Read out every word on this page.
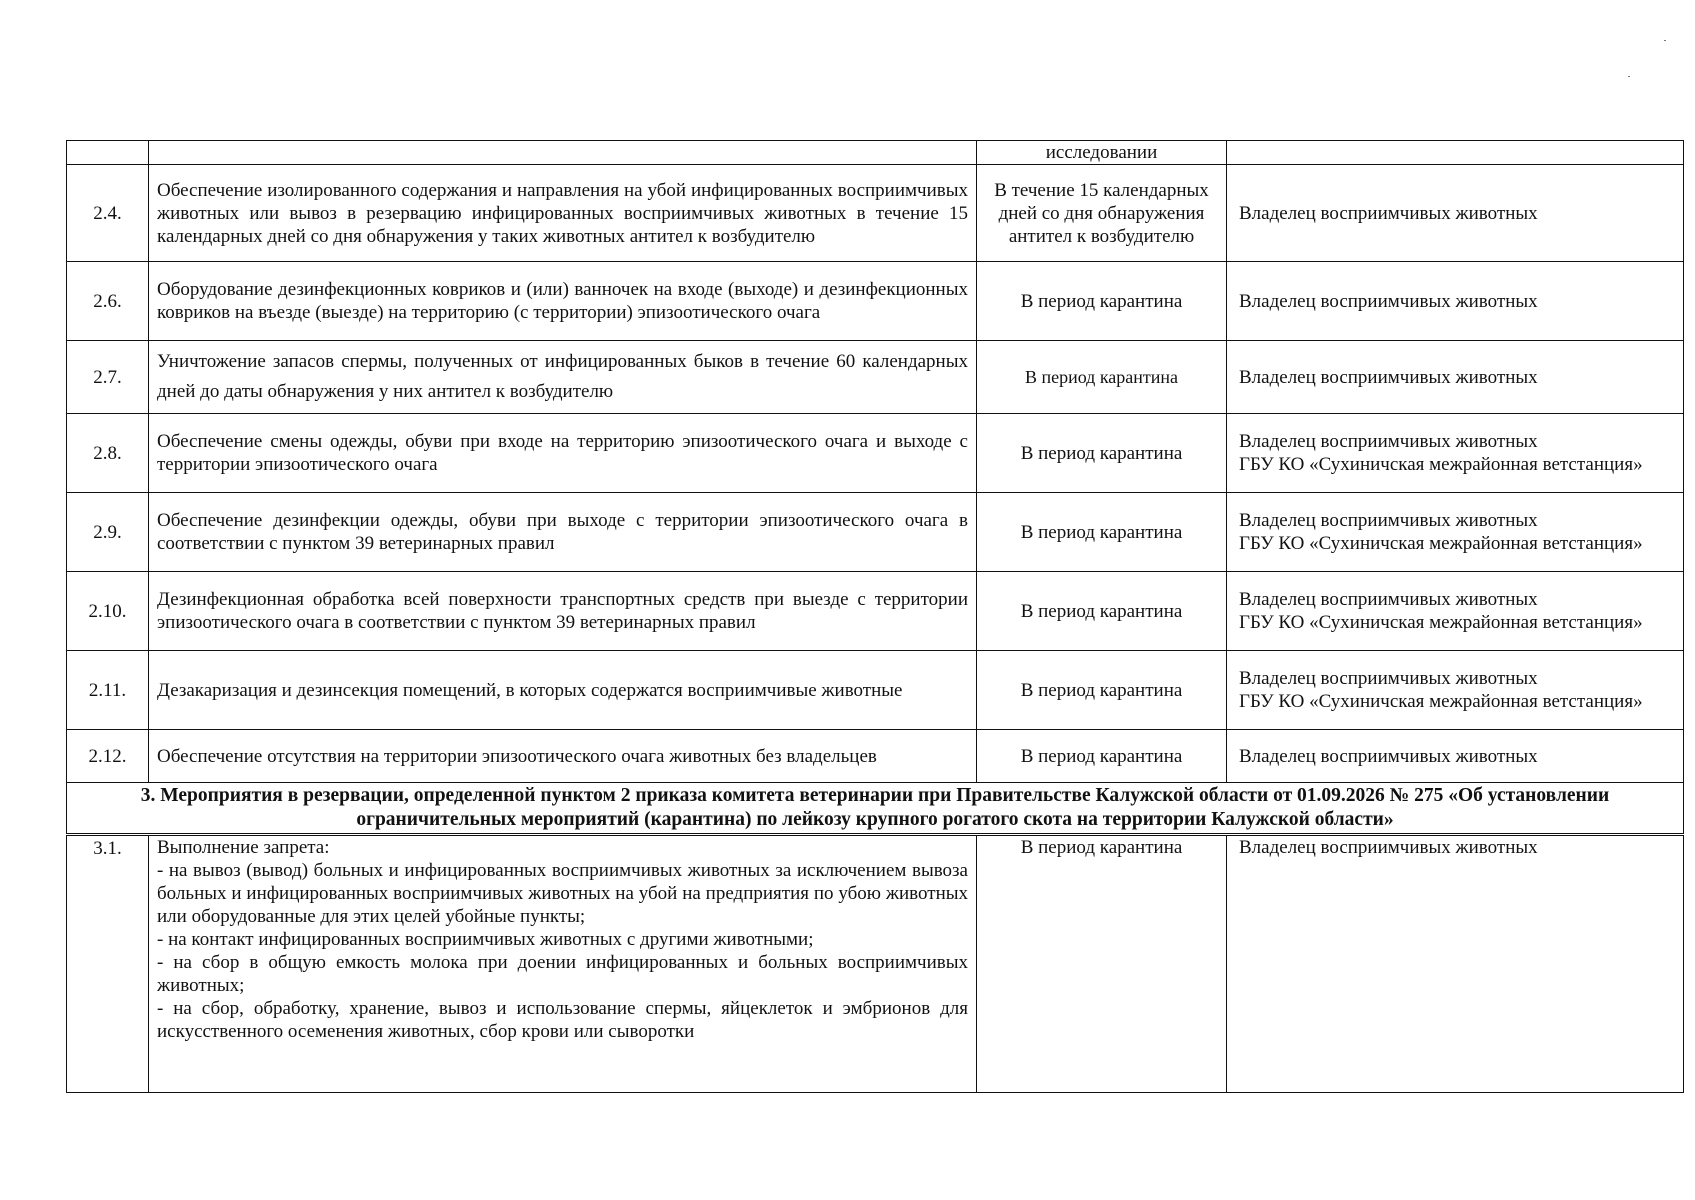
		исследовании	
2.4.	Обеспечение изолированного содержания и направления на убой инфицированных восприимчивых животных или вывоз в резервацию инфицированных восприимчивых животных в течение 15 календарных дней со дня обнаружения у таких животных антител к возбудителю	В течение 15 календарных дней со дня обнаружения антител к возбудителю	Владелец восприимчивых животных

2.6.	Оборудование дезинфекционных ковриков и (или) ванночек на входе (выходе) и дезинфекционных ковриков на въезде (выезде) на территорию (с территории) эпизоотического очага	В период карантина	Владелец восприимчивых животных

2.7.	Уничтожение запасов спермы, полученных от инфицированных быков в течение 60 календарных дней до даты обнаружения у них антител к возбудителю	В период карантина	Владелец восприимчивых животных

2.8.	Обеспечение смены одежды, обуви при входе на территорию эпизоотического очага и выходе с территории эпизоотического очага	В период карантина	Владелец восприимчивых животных
ГБУ КО «Сухиничская межрайонная ветстанция»

2.9.	Обеспечение дезинфекции одежды, обуви при выходе с территории эпизоотического очага в соответствии с пунктом 39 ветеринарных правил	В период карантина	Владелец восприимчивых животных
ГБУ КО «Сухиничская межрайонная ветстанция»

2.10.	Дезинфекционная обработка всей поверхности транспортных средств при выезде с территории эпизоотического очага в соответствии с пунктом 39 ветеринарных правил	В период карантина	Владелец восприимчивых животных
ГБУ КО «Сухиничская межрайонная ветстанция»

2.11.	Дезакаризация и дезинсекция помещений, в которых содержатся восприимчивые животные	В период карантина	Владелец восприимчивых животных
ГБУ КО «Сухиничская межрайонная ветстанция»

2.12.	Обеспечение отсутствия на территории эпизоотического очага животных без владельцев	В период карантина	Владелец восприимчивых животных

3. Мероприятия в резервации, определенной пунктом 2 приказа комитета ветеринарии при Правительстве Калужской области от 01.09.2026 № 275 «Об установлении ограничительных мероприятий (карантина) по лейкозу крупного рогатого скота на территории Калужской области»			
3.1.	Выполнение запрета:
- на вывоз (вывод) больных и инфицированных восприимчивых животных за исключением вывоза больных и инфицированных восприимчивых животных на убой на предприятия по убою животных или оборудованные для этих целей убойные пункты;
- на контакт инфицированных восприимчивых животных с другими животными;
- на сбор в общую емкость молока при доении инфицированных и больных восприимчивых животных;
- на сбор, обработку, хранение, вывоз и использование спермы, яйцеклеток и эмбрионов для искусственного осеменения животных, сбор крови или сыворотки	В период карантина	Владелец восприимчивых животных
